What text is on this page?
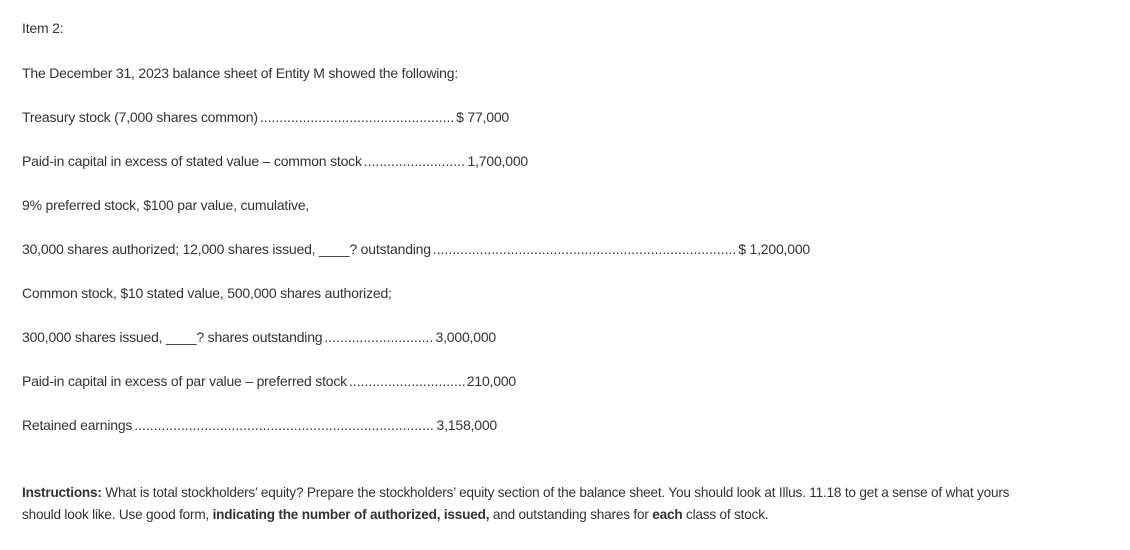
Item 2:
The December 31, 2023 balance sheet of Entity M showed the following:
Treasury stock (7,000 shares common) .....	$ 77,000
Paid-in capital in excess of stated value – common stock .....	1,700,000
9% preferred stock, $100 par value, cumulative,
30,000 shares authorized; 12,000 shares issued, ____? outstanding .....	$ 1,200,000
Common stock, $10 stated value, 500,000 shares authorized;
300,000 shares issued, ____? shares outstanding .....	3,000,000
Paid-in capital in excess of par value – preferred stock .....	210,000
Retained earnings .....	3,158,000
Instructions: What is total stockholders’ equity? Prepare the stockholders’ equity section of the balance sheet. You should look at Illus. 11.18 to get a sense of what yours
should look like. Use good form, indicating the number of authorized, issued, and outstanding shares for each class of stock.
